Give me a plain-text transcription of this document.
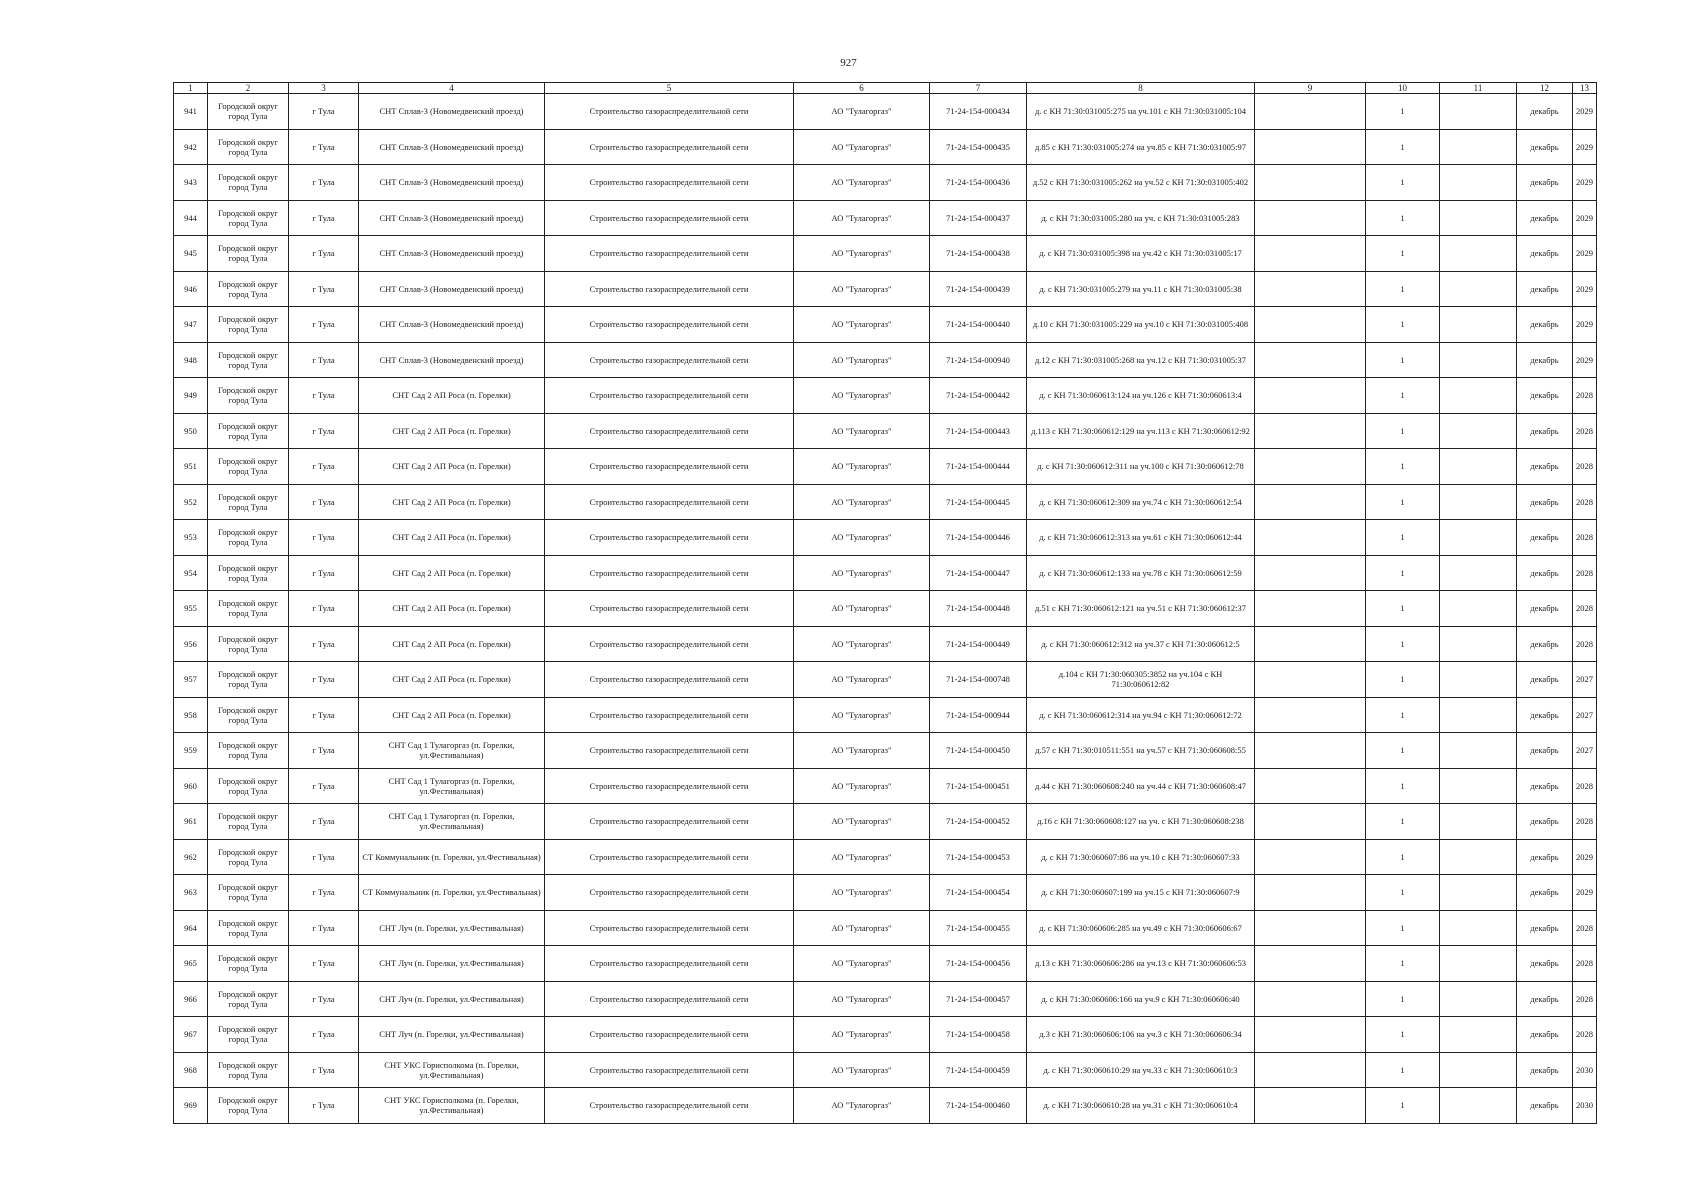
927
1	2	3	4	5	6	7	8	9	10	11	12	13
941	Городской округ город Тула	г Тула	СНТ Сплав-3 (Новомедвенский проезд)	Строительство газораспределительной сети	АО "Тулагоргаз"	71-24-154-000434	д. с КН 71:30:031005:275 на уч.101 с КН 71:30:031005:104		1		декабрь	2029
942	Городской округ город Тула	г Тула	СНТ Сплав-3 (Новомедвенский проезд)	Строительство газораспределительной сети	АО "Тулагоргаз"	71-24-154-000435	д.85 с КН 71:30:031005:274 на уч.85 с КН 71:30:031005:97		1		декабрь	2029
943	Городской округ город Тула	г Тула	СНТ Сплав-3 (Новомедвенский проезд)	Строительство газораспределительной сети	АО "Тулагоргаз"	71-24-154-000436	д.52 с КН 71:30:031005:262 на уч.52 с КН 71:30:031005:402		1		декабрь	2029
944	Городской округ город Тула	г Тула	СНТ Сплав-3 (Новомедвенский проезд)	Строительство газораспределительной сети	АО "Тулагоргаз"	71-24-154-000437	д. с КН 71:30:031005:280 на уч. с КН 71:30:031005:283		1		декабрь	2029
945	Городской округ город Тула	г Тула	СНТ Сплав-3 (Новомедвенский проезд)	Строительство газораспределительной сети	АО "Тулагоргаз"	71-24-154-000438	д. с КН 71:30:031005:398 на уч.42 с КН 71:30:031005:17		1		декабрь	2029
946	Городской округ город Тула	г Тула	СНТ Сплав-3 (Новомедвенский проезд)	Строительство газораспределительной сети	АО "Тулагоргаз"	71-24-154-000439	д. с КН 71:30:031005:279 на уч.11 с КН 71:30:031005:38		1		декабрь	2029
947	Городской округ город Тула	г Тула	СНТ Сплав-3 (Новомедвенский проезд)	Строительство газораспределительной сети	АО "Тулагоргаз"	71-24-154-000440	д.10 с КН 71:30:031005:229 на уч.10 с КН 71:30:031005:408		1		декабрь	2029
948	Городской округ город Тула	г Тула	СНТ Сплав-3 (Новомедвенский проезд)	Строительство газораспределительной сети	АО "Тулагоргаз"	71-24-154-000940	д.12 с КН 71:30:031005:268 на уч.12 с КН 71:30:031005:37		1		декабрь	2029
949	Городской округ город Тула	г Тула	СНТ Сад 2 АП Роса (п. Горелки)	Строительство газораспределительной сети	АО "Тулагоргаз"	71-24-154-000442	д. с КН 71:30:060613:124 на уч.126 с КН 71:30:060613:4		1		декабрь	2028
950	Городской округ город Тула	г Тула	СНТ Сад 2 АП Роса (п. Горелки)	Строительство газораспределительной сети	АО "Тулагоргаз"	71-24-154-000443	д.113 с КН 71:30:060612:129 на уч.113 с КН 71:30:060612:92		1		декабрь	2028
951	Городской округ город Тула	г Тула	СНТ Сад 2 АП Роса (п. Горелки)	Строительство газораспределительной сети	АО "Тулагоргаз"	71-24-154-000444	д. с КН 71:30:060612:311 на уч.100 с КН 71:30:060612:78		1		декабрь	2028
952	Городской округ город Тула	г Тула	СНТ Сад 2 АП Роса (п. Горелки)	Строительство газораспределительной сети	АО "Тулагоргаз"	71-24-154-000445	д. с КН 71:30:060612:309 на уч.74 с КН 71:30:060612:54		1		декабрь	2028
953	Городской округ город Тула	г Тула	СНТ Сад 2 АП Роса (п. Горелки)	Строительство газораспределительной сети	АО "Тулагоргаз"	71-24-154-000446	д. с КН 71:30:060612:313 на уч.61 с КН 71:30:060612:44		1		декабрь	2028
954	Городской округ город Тула	г Тула	СНТ Сад 2 АП Роса (п. Горелки)	Строительство газораспределительной сети	АО "Тулагоргаз"	71-24-154-000447	д. с КН 71:30:060612:133 на уч.78 с КН 71:30:060612:59		1		декабрь	2028
955	Городской округ город Тула	г Тула	СНТ Сад 2 АП Роса (п. Горелки)	Строительство газораспределительной сети	АО "Тулагоргаз"	71-24-154-000448	д.51 с КН 71:30:060612:121 на уч.51 с КН 71:30:060612:37		1		декабрь	2028
956	Городской округ город Тула	г Тула	СНТ Сад 2 АП Роса (п. Горелки)	Строительство газораспределительной сети	АО "Тулагоргаз"	71-24-154-000449	д. с КН 71:30:060612:312 на уч.37 с КН 71:30:060612:5		1		декабрь	2028
957	Городской округ город Тула	г Тула	СНТ Сад 2 АП Роса (п. Горелки)	Строительство газораспределительной сети	АО "Тулагоргаз"	71-24-154-000748	д.104 с КН 71:30:060305:3852 на уч.104 с КН 71:30:060612:82		1		декабрь	2027
958	Городской округ город Тула	г Тула	СНТ Сад 2 АП Роса (п. Горелки)	Строительство газораспределительной сети	АО "Тулагоргаз"	71-24-154-000944	д. с КН 71:30:060612:314 на уч.94 с КН 71:30:060612:72		1		декабрь	2027
959	Городской округ город Тула	г Тула	СНТ Сад 1 Тулагоргаз (п. Горелки, ул.Фестивальная)	Строительство газораспределительной сети	АО "Тулагоргаз"	71-24-154-000450	д.57 с КН 71:30:010511:551 на уч.57 с КН 71:30:060608:55		1		декабрь	2027
960	Городской округ город Тула	г Тула	СНТ Сад 1 Тулагоргаз (п. Горелки, ул.Фестивальная)	Строительство газораспределительной сети	АО "Тулагоргаз"	71-24-154-000451	д.44 с КН 71:30:060608:240 на уч.44 с КН 71:30:060608:47		1		декабрь	2028
961	Городской округ город Тула	г Тула	СНТ Сад 1 Тулагоргаз (п. Горелки, ул.Фестивальная)	Строительство газораспределительной сети	АО "Тулагоргаз"	71-24-154-000452	д.16 с КН 71:30:060608:127 на уч. с КН 71:30:060608:238		1		декабрь	2028
962	Городской округ город Тула	г Тула	СТ Коммунальник (п. Горелки, ул.Фестивальная)	Строительство газораспределительной сети	АО "Тулагоргаз"	71-24-154-000453	д. с КН 71:30:060607:86 на уч.10 с КН 71:30:060607:33		1		декабрь	2029
963	Городской округ город Тула	г Тула	СТ Коммунальник (п. Горелки, ул.Фестивальная)	Строительство газораспределительной сети	АО "Тулагоргаз"	71-24-154-000454	д. с КН 71:30:060607:199 на уч.15 с КН 71:30:060607:9		1		декабрь	2029
964	Городской округ город Тула	г Тула	СНТ Луч (п. Горелки, ул.Фестивальная)	Строительство газораспределительной сети	АО "Тулагоргаз"	71-24-154-000455	д. с КН 71:30:060606:285 на уч.49 с КН 71:30:060606:67		1		декабрь	2028
965	Городской округ город Тула	г Тула	СНТ Луч (п. Горелки, ул.Фестивальная)	Строительство газораспределительной сети	АО "Тулагоргаз"	71-24-154-000456	д.13 с КН 71:30:060606:286 на уч.13 с КН 71:30:060606:53		1		декабрь	2028
966	Городской округ город Тула	г Тула	СНТ Луч (п. Горелки, ул.Фестивальная)	Строительство газораспределительной сети	АО "Тулагоргаз"	71-24-154-000457	д. с КН 71:30:060606:166 на уч.9 с КН 71:30:060606:40		1		декабрь	2028
967	Городской округ город Тула	г Тула	СНТ Луч (п. Горелки, ул.Фестивальная)	Строительство газораспределительной сети	АО "Тулагоргаз"	71-24-154-000458	д.3 с КН 71:30:060606:106 на уч.3 с КН 71:30:060606:34		1		декабрь	2028
968	Городской округ город Тула	г Тула	СНТ УКС Горисполкома (п. Горелки, ул.Фестивальная)	Строительство газораспределительной сети	АО "Тулагоргаз"	71-24-154-000459	д. с КН 71:30:060610:29 на уч.33 с КН 71:30:060610:3		1		декабрь	2030
969	Городской округ город Тула	г Тула	СНТ УКС Горисполкома (п. Горелки, ул.Фестивальная)	Строительство газораспределительной сети	АО "Тулагоргаз"	71-24-154-000460	д. с КН 71:30:060610:28 на уч.31 с КН 71:30:060610:4		1		декабрь	2030
